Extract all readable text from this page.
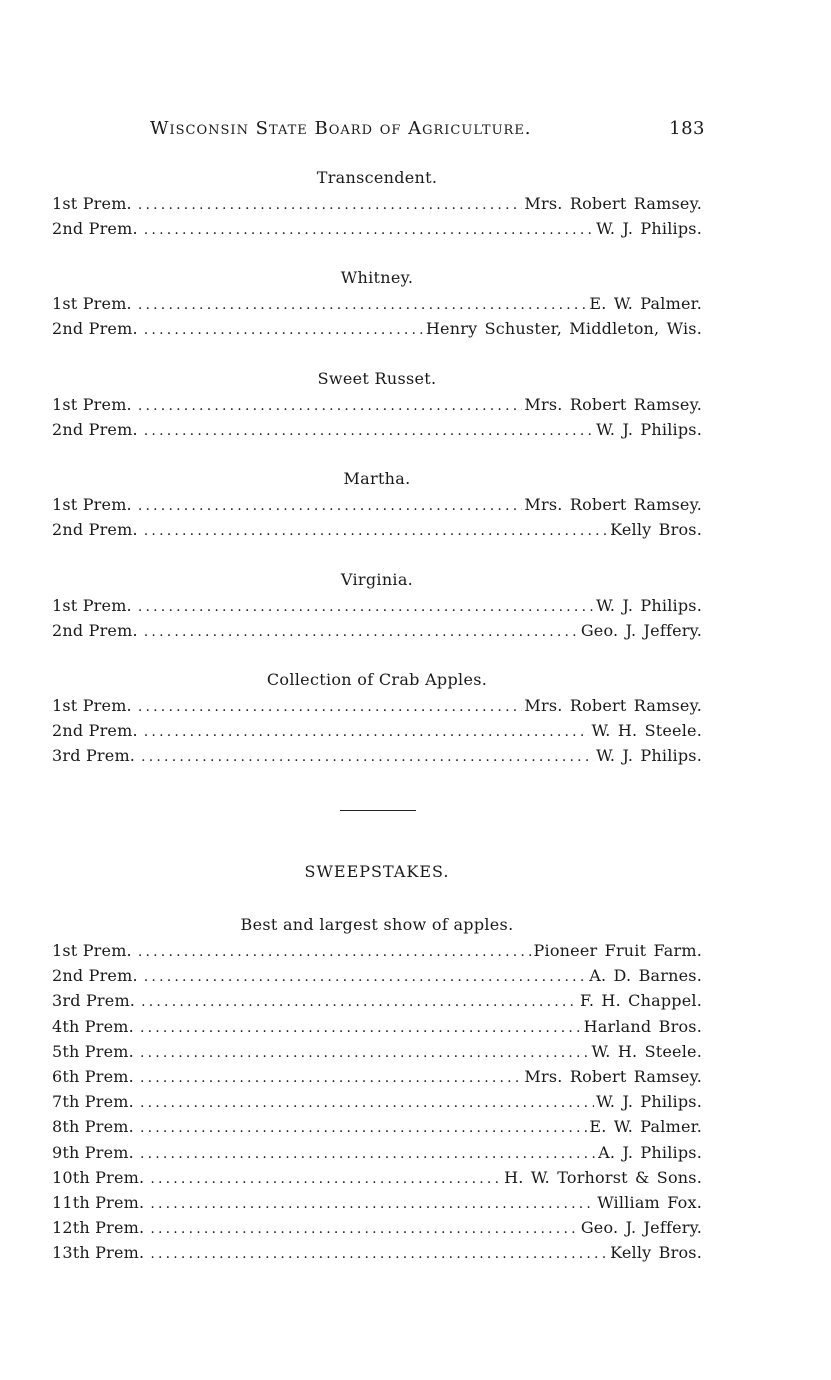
Wisconsin State Board of Agriculture.	183
Transcendent.
1st Prem. .....	Mrs. Robert Ramsey.
2nd Prem. .....	W. J. Philips.
Whitney.
1st Prem. .....	E. W. Palmer.
2nd Prem. .....	Henry Schuster, Middleton, Wis.
Sweet Russet.
1st Prem. .....	Mrs. Robert Ramsey.
2nd Prem. .....	W. J. Philips.
Martha.
1st Prem. .....	Mrs. Robert Ramsey.
2nd Prem. .....	Kelly Bros.
Virginia.
1st Prem. .....	W. J. Philips.
2nd Prem. .....	Geo. J. Jeffery.
Collection of Crab Apples.
1st Prem. .....	Mrs. Robert Ramsey.
2nd Prem. .....	W. H. Steele.
3rd Prem. .....	W. J. Philips.
SWEEPSTAKES.
Best and largest show of apples.
1st Prem. .....	Pioneer Fruit Farm.
2nd Prem. .....	A. D. Barnes.
3rd Prem. .....	F. H. Chappel.
4th Prem. .....	Harland Bros.
5th Prem. .....	W. H. Steele.
6th Prem. .....	Mrs. Robert Ramsey.
7th Prem. .....	W. J. Philips.
8th Prem. .....	E. W. Palmer.
9th Prem. .....	A. J. Philips.
10th Prem. .....	H. W. Torhorst & Sons.
11th Prem. .....	William Fox.
12th Prem. .....	Geo. J. Jeffery.
13th Prem. .....	Kelly Bros.
